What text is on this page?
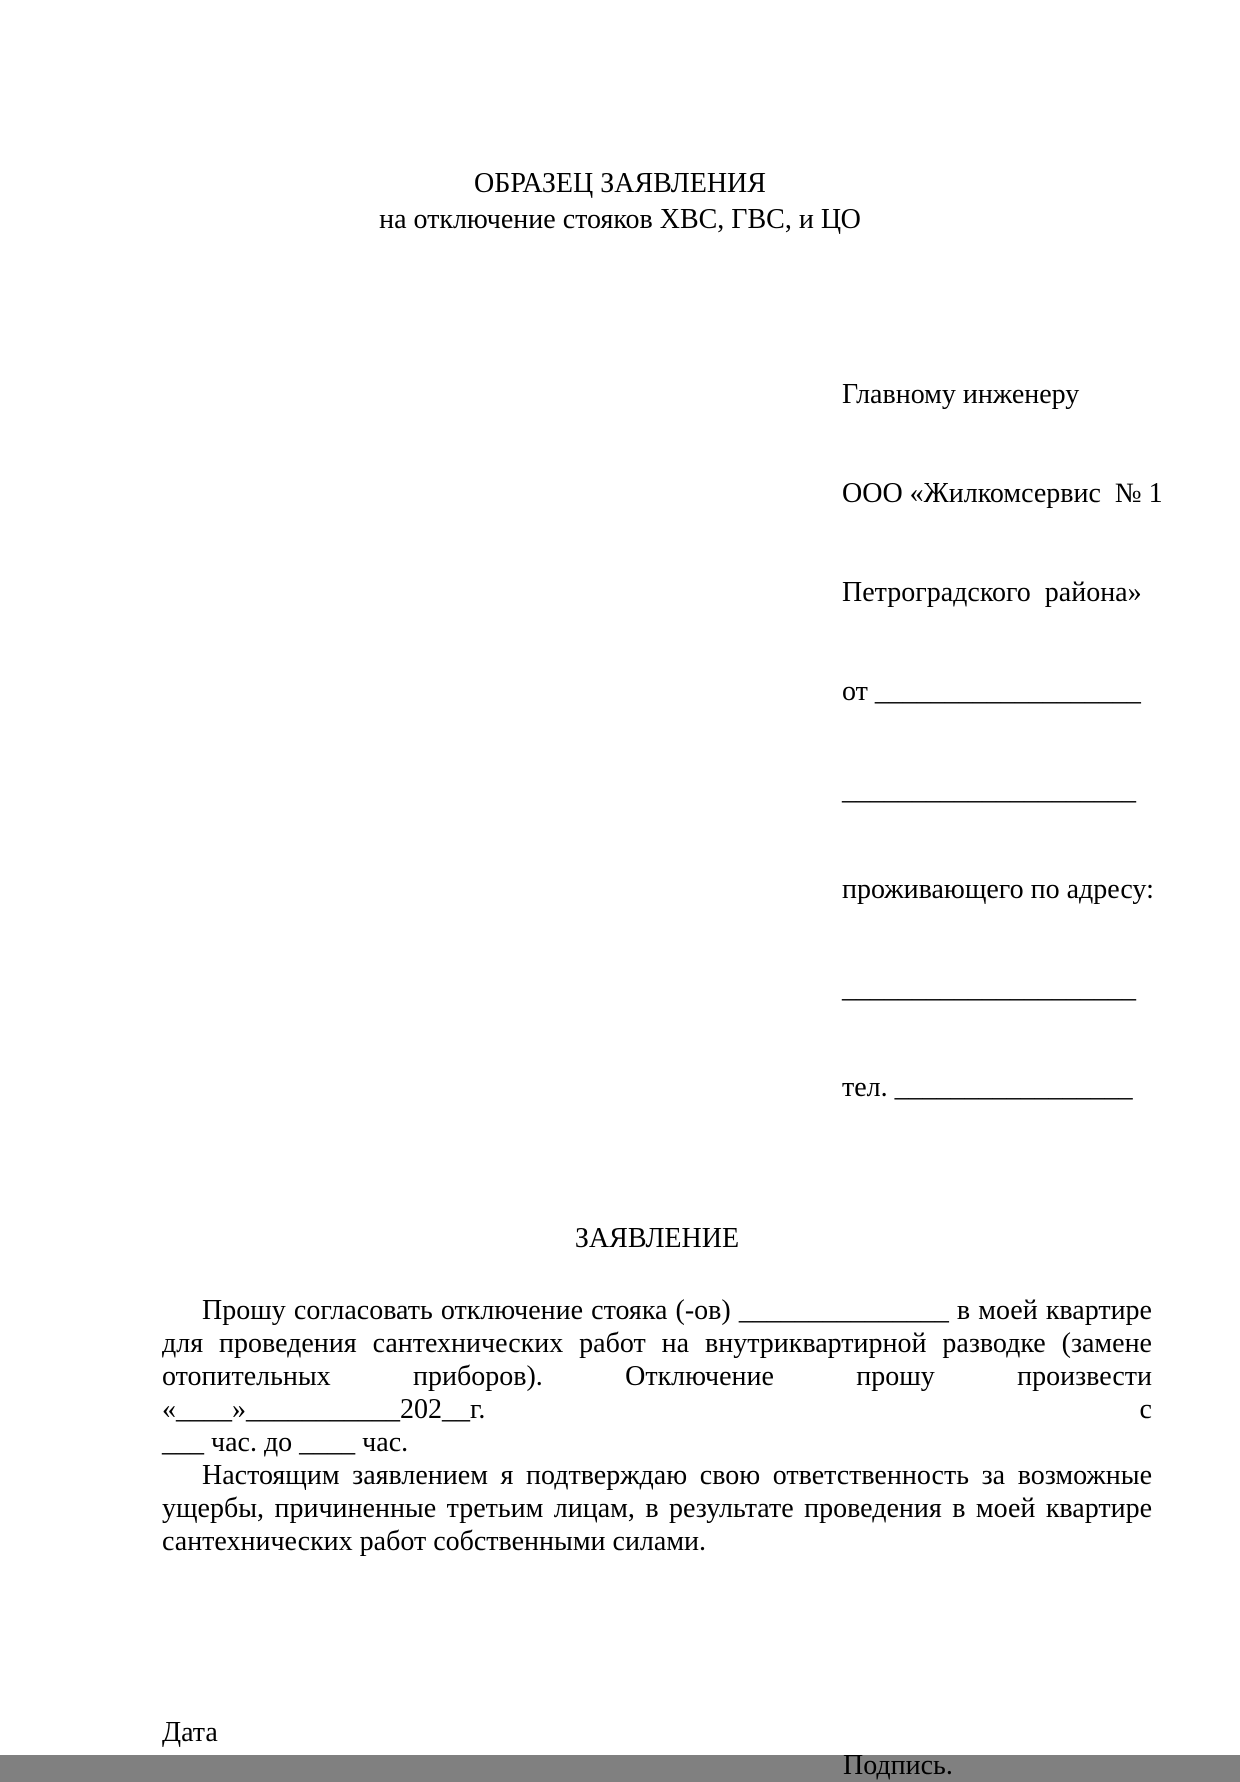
ОБРАЗЕЦ ЗАЯВЛЕНИЯ
на отключение стояков ХВС, ГВС, и ЦО

Главному инженеру

ООО «Жилкомсервис  № 1

Петроградского  района»

от ___________________

_____________________

проживающего по адресу:

_____________________

тел. _________________

ЗАЯВЛЕНИЕ
Прошу согласовать отключение стояка (-ов) _______________ в моей квартире
для проведения сантехнических работ на внутриквартирной разводке (замене
отопительных приборов). Отключение прошу произвести «____»___________202__г. с
___ час. до ____ час.
Настоящим заявлением я подтверждаю свою ответственность за возможные
ущербы, причиненные третьим лицам, в результате проведения в моей квартире
сантехнических работ собственными силами.
Дата
Подпись.
